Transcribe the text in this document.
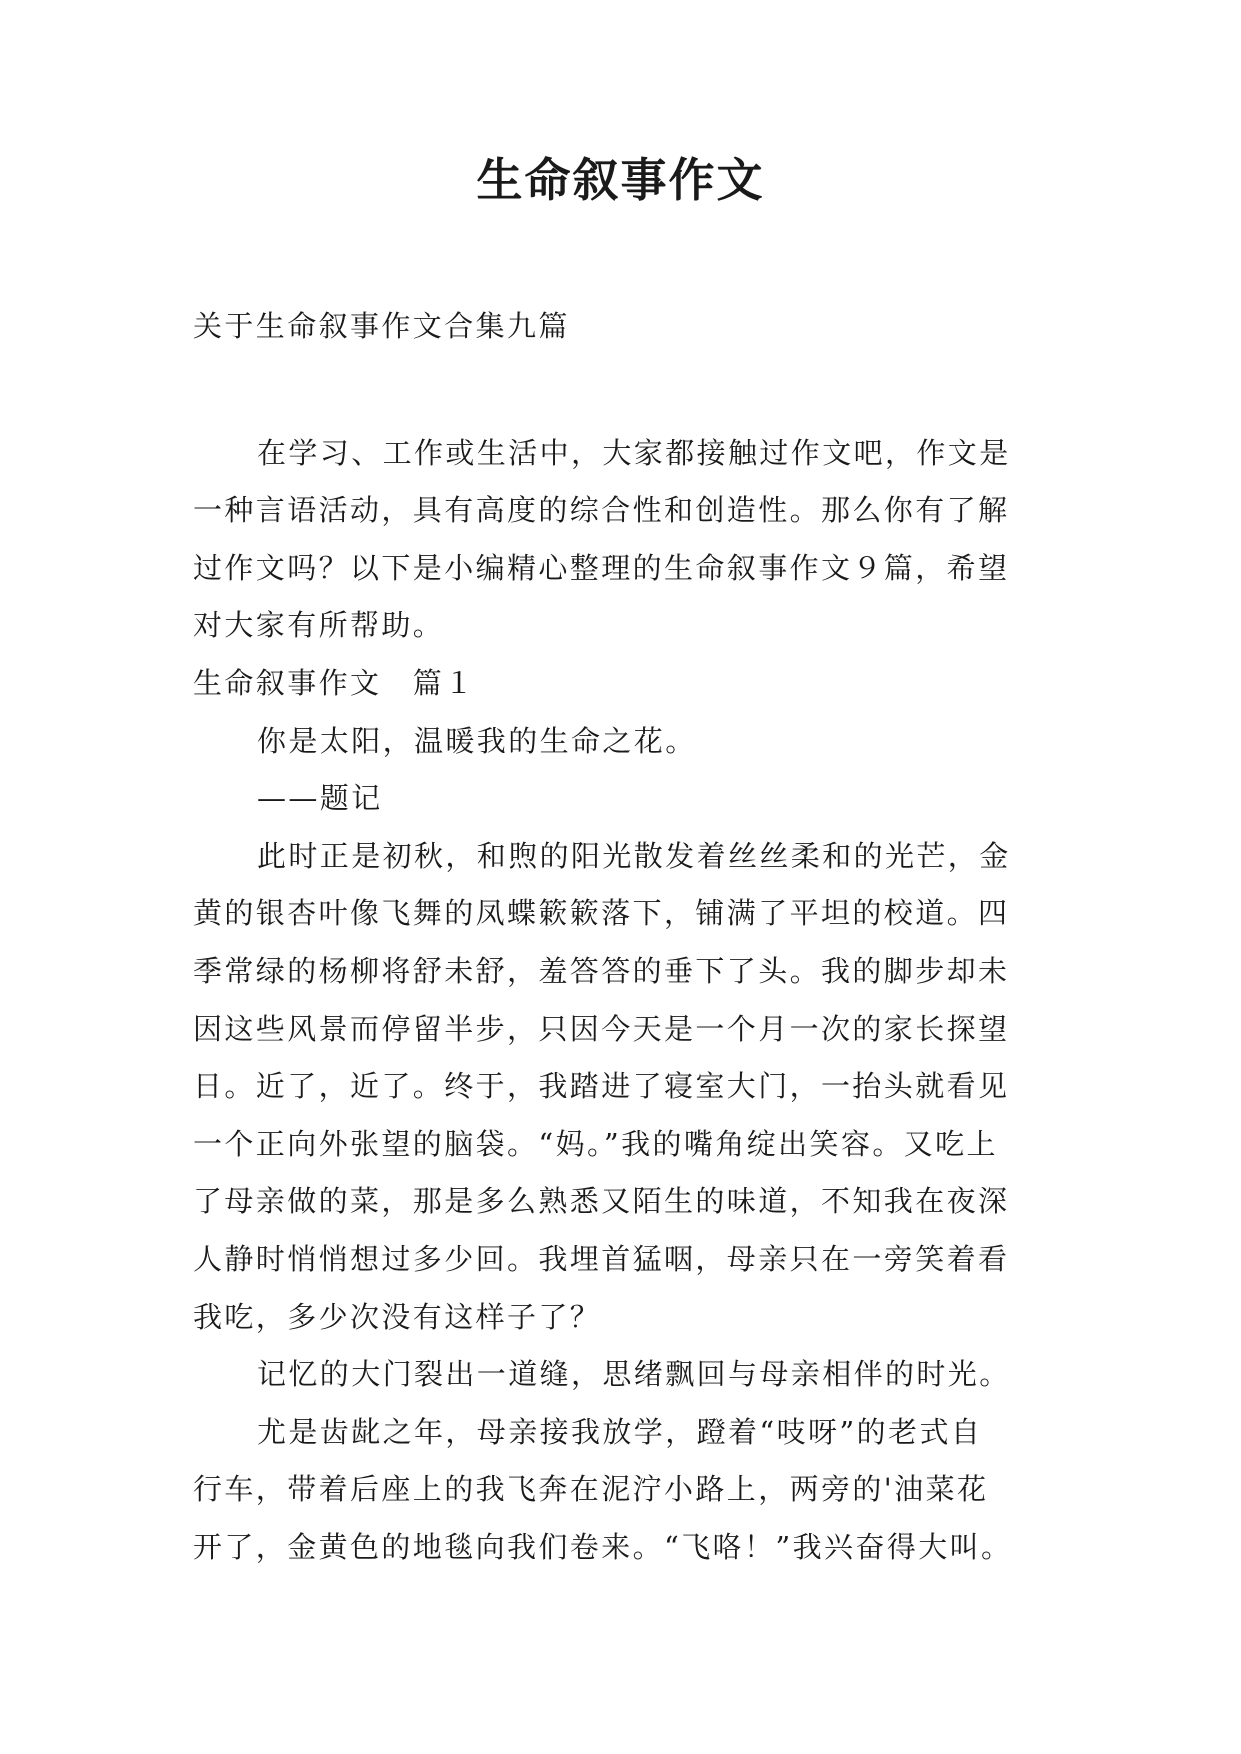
生命叙事作文
关于生命叙事作文合集九篇
在学习、工作或生活中，大家都接触过作文吧，作文是
一种言语活动，具有高度的综合性和创造性。那么你有了解
过作文吗？以下是小编精心整理的生命叙事作文９篇，希望
对大家有所帮助。
生命叙事作文　篇１
你是太阳，温暖我的生命之花。
——题记
此时正是初秋，和煦的阳光散发着丝丝柔和的光芒，金
黄的银杏叶像飞舞的凤蝶簌簌落下，铺满了平坦的校道。四
季常绿的杨柳将舒未舒，羞答答的垂下了头。我的脚步却未
因这些风景而停留半步，只因今天是一个月一次的家长探望
日。近了，近了。终于，我踏进了寝室大门，一抬头就看见
一个正向外张望的脑袋。“妈。”我的嘴角绽出笑容。又吃上
了母亲做的菜，那是多么熟悉又陌生的味道，不知我在夜深
人静时悄悄想过多少回。我埋首猛咽，母亲只在一旁笑着看
我吃，多少次没有这样子了？
记忆的大门裂出一道缝，思绪飘回与母亲相伴的时光。
尤是齿龀之年，母亲接我放学，蹬着“吱呀”的老式自
行车，带着后座上的我飞奔在泥泞小路上，两旁的'油菜花
开了，金黄色的地毯向我们卷来。“飞咯！”我兴奋得大叫。
